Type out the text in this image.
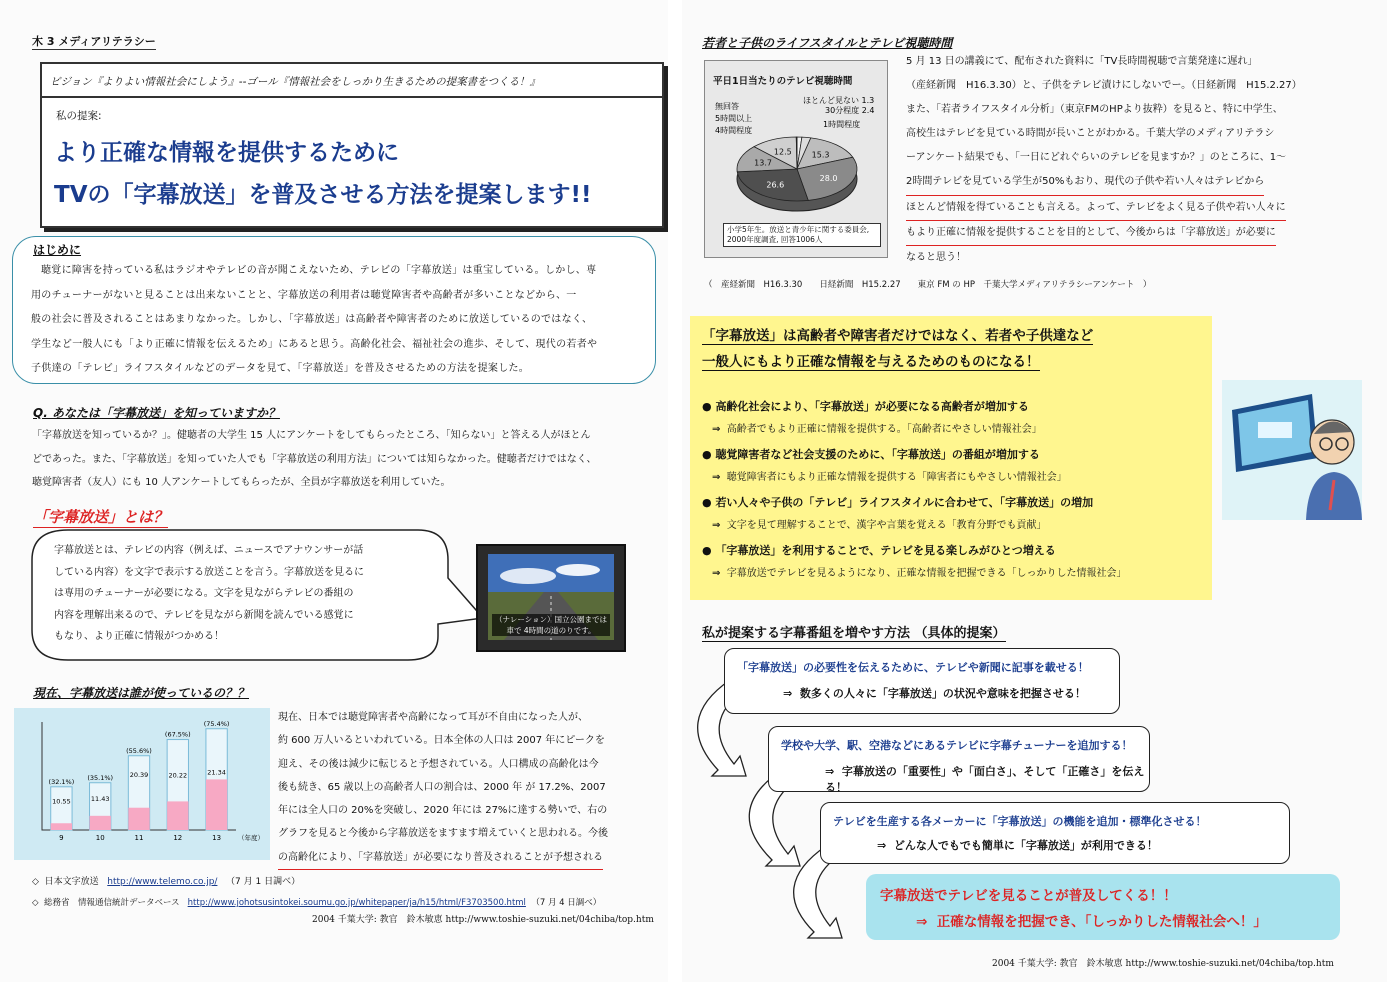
木 3 メディアリテラシー
ビジョン『よりよい情報社会にしよう』--ゴール『情報社会をしっかり生きるための提案書をつくる！』
私の提案:
より正確な情報を提供するために
TVの「字幕放送」を普及させる方法を提案します!!
はじめに
聴覚に障害を持っている私はラジオやテレビの音が聞こえないため、テレビの「字幕放送」は重宝している。しかし、専
用のチューナーがないと見ることは出来ないことと、字幕放送の利用者は聴覚障害者や高齢者が多いことなどから、一
般の社会に普及されることはあまりなかった。しかし、「字幕放送」は高齢者や障害者のために放送しているのではなく、
学生など一般人にも「より正確に情報を伝えるため」にあると思う。高齢化社会、福祉社会の進歩、そして、現代の若者や
子供達の「テレビ」ライフスタイルなどのデータを見て、「字幕放送」を普及させるための方法を提案した。
Q. あなたは「字幕放送」を知っていますか？
「字幕放送を知っているか？」。健聴者の大学生 15 人にアンケートをしてもらったところ、「知らない」と答える人がほとん
どであった。また、「字幕放送」を知っていた人でも「字幕放送の利用方法」については知らなかった。健聴者だけではなく、
聴覚障害者（友人）にも 10 人アンケートしてもらったが、全員が字幕放送を利用していた。
「字幕放送」とは？
字幕放送とは、テレビの内容（例えば、ニュースでアナウンサーが話
している内容）を文字で表示する放送ことを言う。字幕放送を見るに
は専用のチューナーが必要になる。文字を見ながらテレビの番組の
内容を理解出来るので、テレビを見ながら新聞を読んでいる感覚に
もなり、より正確に情報がつかめる！
（ナレーション）国立公園までは
車で 4時間の道のりです。
現在、字幕放送は誰が使っているの？？
(32.1%)
10.55
9
(35.1%)
11.43
10
(55.6%)
20.39
11
(67.5%)
20.22
12
(75.4%)
21.34
13	（年度）
現在、日本では聴覚障害者や高齢になって耳が不自由になった人が、
約 600 万人いるといわれている。日本全体の人口は 2007 年にピークを
迎え、その後は減少に転じると予想されている。人口構成の高齢化は今
後も続き、65 歳以上の高齢者人口の割合は、2000 年 が 17.2%、2007
年には全人口の 20%を突破し、2020 年には 27%に達する勢いで、右の
グラフを見ると今後から字幕放送をますます増えていくと思われる。今後
の高齢化により、「字幕放送」が必要になり普及されることが予想される
◇  日本文字放送 http://www.telemo.co.jp/ （7 月 1 日調べ）
◇  総務省　情報通信統計データベース http://www.johotsusintokei.soumu.go.jp/whitepaper/ja/h15/html/F3703500.html （7 月 4 日調べ）
2004 千葉大学: 教官　鈴木敏恵 http://www.toshie-suzuki.net/04chiba/top.htm
若者と子供のライフスタイルとテレビ視聴時間
平日1日当たりのテレビ視聴時間
15.3
28.0
26.6
13.7
12.5
ほとんど見ない 1.3
30分程度 2.4
1時間程度
無回答
5時間以上
4時間程度
小学5年生。放送と青少年に関する委員会, 2000年度調査, 回答1006人
5 月 13 日の講義にて、配布された資料に「TV長時間視聴で言葉発達に遅れ」
（産経新聞　H16.3.30）と、子供をテレビ漬けにしないでー。（日経新聞　H15.2.27）
また、「若者ライフスタイル分析」（東京FMのHPより抜粋）を見ると、特に中学生、
高校生はテレビを見ている時間が長いことがわかる。千葉大学のメディアリテラシ
ーアンケート結果でも、「一日にどれぐらいのテレビを見ますか？」のところに、1～
2時間テレビを見ている学生が50%もおり、現代の子供や若い人々はテレビから ほとんど情報を得ていることも言える。よって、テレビをよく見る子供や若い人々に もより正確に情報を提供することを目的として、今後からは「字幕放送」が必要に
なると思う！
（　産経新聞　H16.3.30　　日経新聞　H15.2.27　　東京 FM の HP　千葉大学メディアリテラシーアンケート　）
「字幕放送」は高齢者や障害者だけではなく、若者や子供達など
一般人にもより正確な情報を与えるためのものになる！
● 高齢化社会により、「字幕放送」が必要になる高齢者が増加する
⇒ 高齢者でもより正確に情報を提供する。「高齢者にやさしい情報社会」
● 聴覚障害者など社会支援のために、「字幕放送」の番組が増加する
⇒ 聴覚障害者にもより正確な情報を提供する「障害者にもやさしい情報社会」
● 若い人々や子供の「テレビ」ライフスタイルに合わせて、「字幕放送」の増加
⇒ 文字を見て理解することで、漢字や言葉を覚える「教育分野でも貢献」
● 「字幕放送」を利用することで、テレビを見る楽しみがひとつ増える
⇒ 字幕放送でテレビを見るようになり、正確な情報を把握できる「しっかりした情報社会」
私が提案する字幕番組を増やす方法 （具体的提案）
「字幕放送」の必要性を伝えるために、テレビや新聞に記事を載せる！
⇒ 数多くの人々に「字幕放送」の状況や意味を把握させる！
学校や大学、駅、空港などにあるテレビに字幕チューナーを追加する！
⇒ 字幕放送の「重要性」や「面白さ」、そして「正確さ」を伝える！
テレビを生産する各メーカーに「字幕放送」の機能を追加・標準化させる！
⇒ どんな人でもでも簡単に「字幕放送」が利用できる！
字幕放送でテレビを見ることが普及してくる！！
⇒ 正確な情報を把握でき、「しっかりした情報社会へ！」
2004 千葉大学: 教官　鈴木敏恵 http://www.toshie-suzuki.net/04chiba/top.htm
